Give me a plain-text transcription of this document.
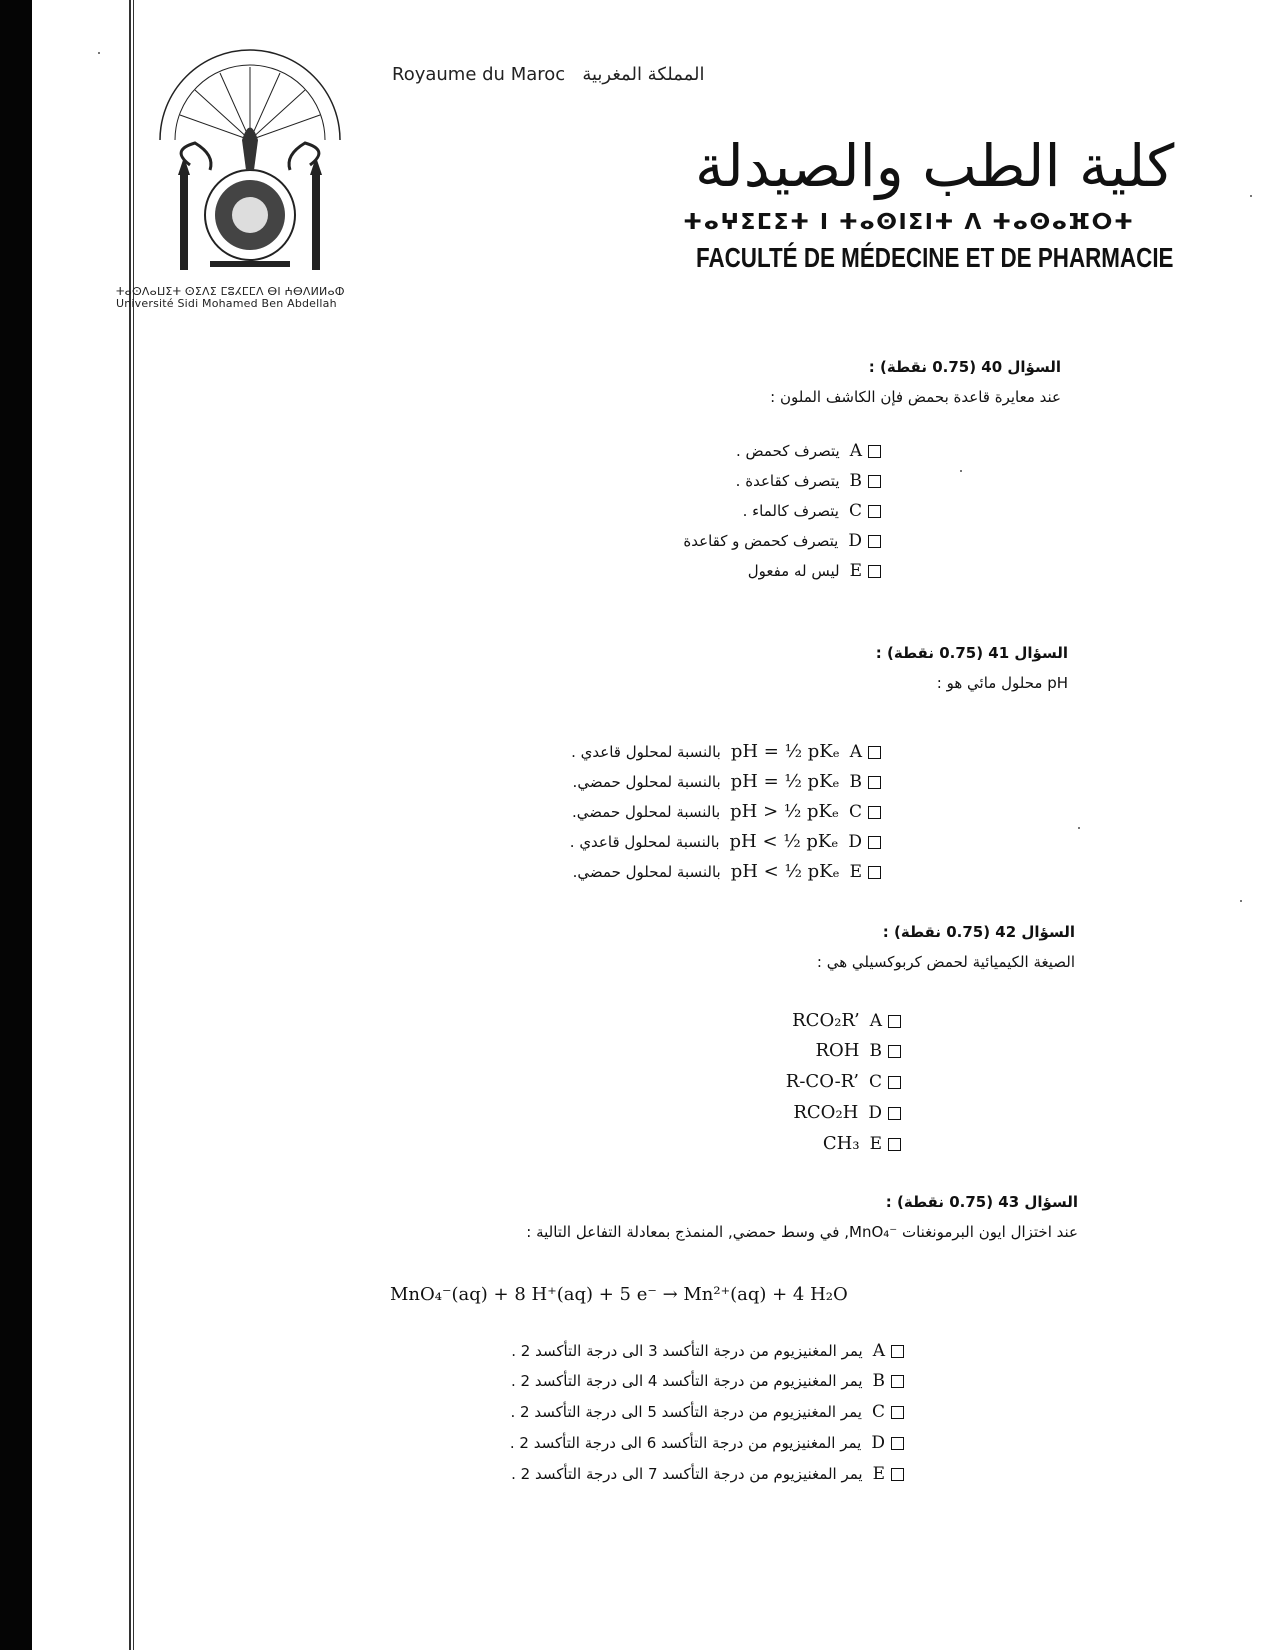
ⵜⴰⵙⴷⴰⵡⵉⵜ ⵙⵉⴷⵉ ⵎⵓⵃⵎⵎⴷ ⴱⵏ ⵄⴱⴷⵍⵍⴰⵀ
Université Sidi Mohamed Ben Abdellah
Royaume du Maroc المملكة المغربية
كلية الطب والصيدلة
ⵜⴰⵖⵉⵎⵉⵜ ⵏ ⵜⴰⵙⵏⵉⵏⵜ ⴷ ⵜⴰⵙⴰⴼⵔⵜ
FACULTÉ DE MÉDECINE ET DE PHARMACIE
السؤال 40 (0.75 نقطة) :
عند معايرة قاعدة بحمض فإن الكاشف الملون :
Aيتصرف كحمض .
Bيتصرف كقاعدة .
Cيتصرف كالماء .
Dيتصرف كحمض و كقاعدة
Eليس له مفعول
السؤال 41 (0.75 نقطة) :
pH محلول مائي هو :
ApH = ½ pKₑبالنسبة لمحلول قاعدي .
BpH = ½ pKₑبالنسبة لمحلول حمضي.
CpH > ½ pKₑبالنسبة لمحلول حمضي.
DpH < ½ pKₑبالنسبة لمحلول قاعدي .
EpH < ½ pKₑبالنسبة لمحلول حمضي.
السؤال 42 (0.75 نقطة) :
الصيغة الكيميائية لحمض كربوكسيلي هي :
ARCO₂R’
BROH
CR-CO-R’
DRCO₂H
ECH₃
السؤال 43 (0.75 نقطة) :
عند اختزال ايون البرمونغنات ⁻MnO₄, في وسط حمضي, المنمذج بمعادلة التفاعل التالية :
MnO₄⁻(aq) + 8 H⁺(aq) + 5 e⁻ → Mn²⁺(aq) + 4 H₂O
Aيمر المغنيزيوم من درجة التأكسد 3 الى درجة التأكسد 2 .
Bيمر المغنيزيوم من درجة التأكسد 4 الى درجة التأكسد 2 .
Cيمر المغنيزيوم من درجة التأكسد 5 الى درجة التأكسد 2 .
Dيمر المغنيزيوم من درجة التأكسد 6 الى درجة التأكسد 2 .
Eيمر المغنيزيوم من درجة التأكسد 7 الى درجة التأكسد 2 .
